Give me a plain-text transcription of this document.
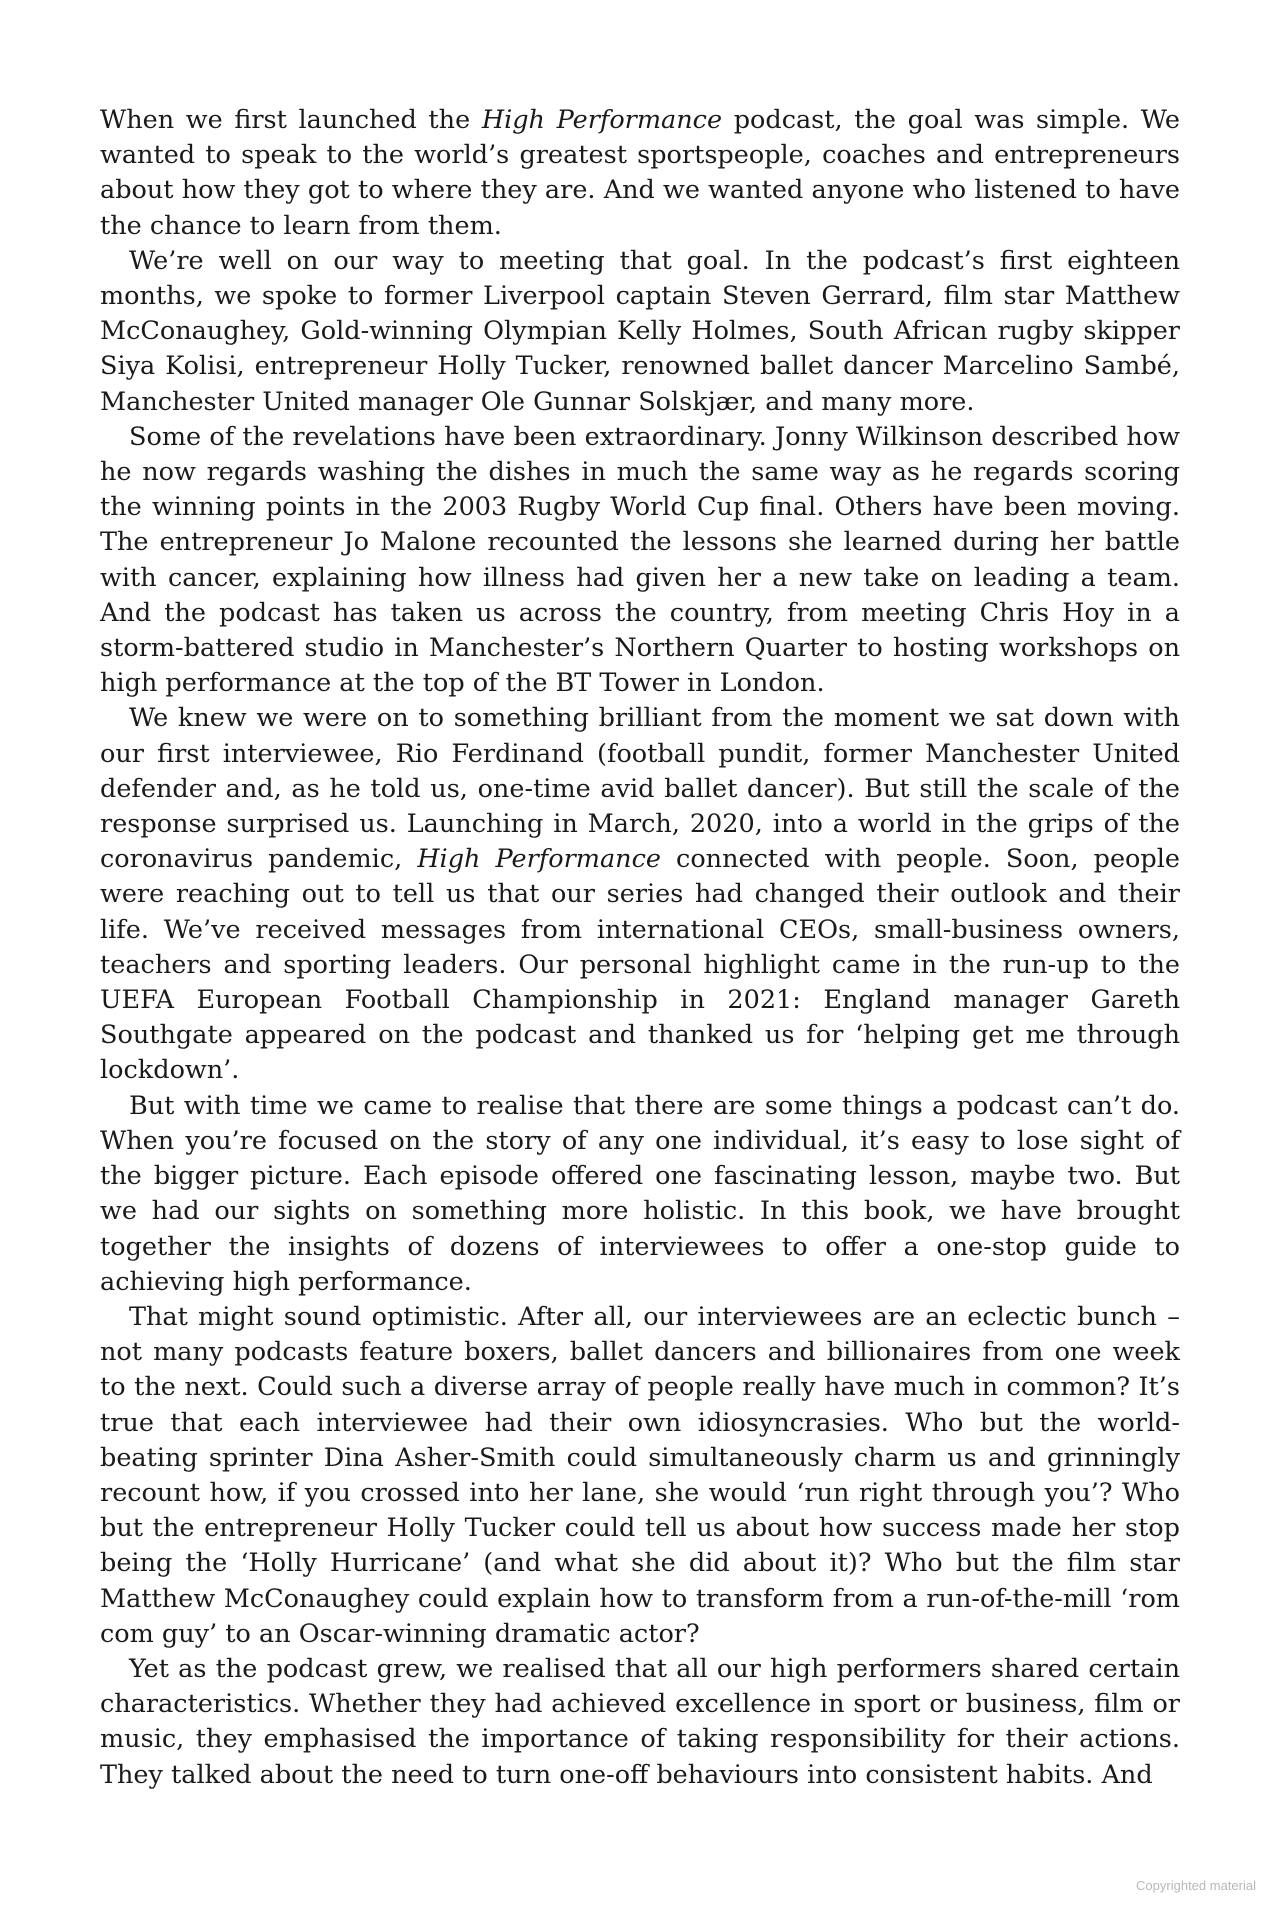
When we first launched the High Performance podcast, the goal was simple. We wanted to speak to the world’s greatest sportspeople, coaches and entrepreneurs about how they got to where they are. And we wanted anyone who listened to have the chance to learn from them.

We’re well on our way to meeting that goal. In the podcast’s first eighteen months, we spoke to former Liverpool captain Steven Gerrard, film star Matthew McConaughey, Gold-winning Olympian Kelly Holmes, South African rugby skipper Siya Kolisi, entrepreneur Holly Tucker, renowned ballet dancer Marcelino Sambé, Manchester United manager Ole Gunnar Solskjær, and many more.

Some of the revelations have been extraordinary. Jonny Wilkinson described how he now regards washing the dishes in much the same way as he regards scoring the winning points in the 2003 Rugby World Cup final. Others have been moving. The entrepreneur Jo Malone recounted the lessons she learned during her battle with cancer, explaining how illness had given her a new take on leading a team. And the podcast has taken us across the country, from meeting Chris Hoy in a storm-battered studio in Manchester’s Northern Quarter to hosting workshops on high performance at the top of the BT Tower in London.

We knew we were on to something brilliant from the moment we sat down with our first interviewee, Rio Ferdinand (football pundit, former Manchester United defender and, as he told us, one-time avid ballet dancer). But still the scale of the response surprised us. Launching in March, 2020, into a world in the grips of the coronavirus pandemic, High Performance connected with people. Soon, people were reaching out to tell us that our series had changed their outlook and their life. We’ve received messages from international CEOs, small-business owners, teachers and sporting leaders. Our personal highlight came in the run-up to the UEFA European Football Championship in 2021: England manager Gareth Southgate appeared on the podcast and thanked us for ‘helping get me through lockdown’.

But with time we came to realise that there are some things a podcast can’t do. When you’re focused on the story of any one individual, it’s easy to lose sight of the bigger picture. Each episode offered one fascinating lesson, maybe two. But we had our sights on something more holistic. In this book, we have brought together the insights of dozens of interviewees to offer a one-stop guide to achieving high performance.

That might sound optimistic. After all, our interviewees are an eclectic bunch – not many podcasts feature boxers, ballet dancers and billionaires from one week to the next. Could such a diverse array of people really have much in common? It’s true that each interviewee had their own idiosyncrasies. Who but the world-beating sprinter Dina Asher-Smith could simultaneously charm us and grinningly recount how, if you crossed into her lane, she would ‘run right through you’? Who but the entrepreneur Holly Tucker could tell us about how success made her stop being the ‘Holly Hurricane’ (and what she did about it)? Who but the film star Matthew McConaughey could explain how to transform from a run-of-the-mill ‘rom com guy’ to an Oscar-winning dramatic actor?

Yet as the podcast grew, we realised that all our high performers shared certain characteristics. Whether they had achieved excellence in sport or business, film or music, they emphasised the importance of taking responsibility for their actions. They talked about the need to turn one-off behaviours into consistent habits. And

Copyrighted material
